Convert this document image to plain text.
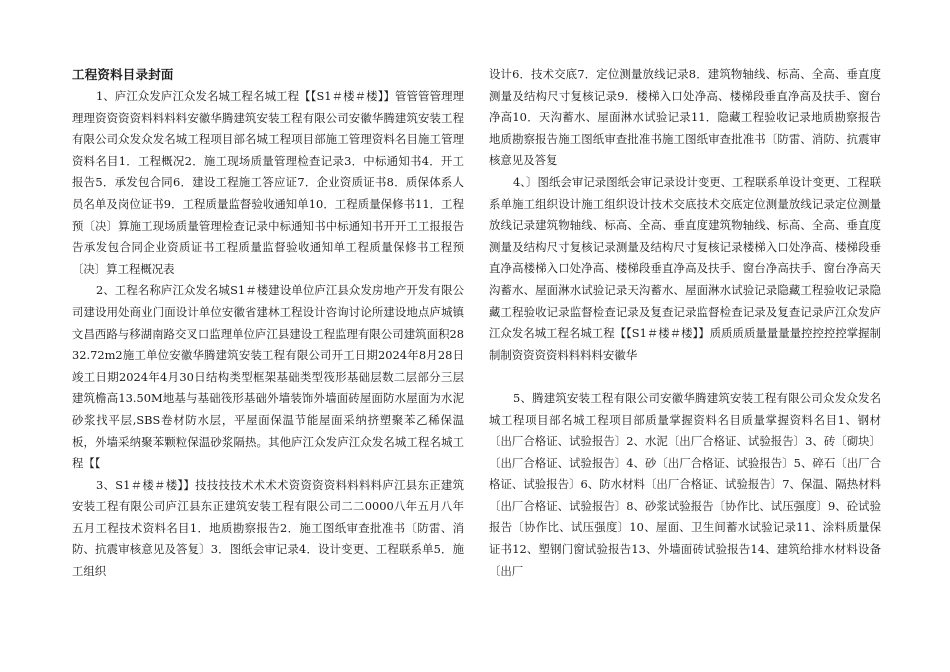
工程资料目录封面

1、庐江众发庐江众发名城工程名城工程【【S1＃楼＃楼】】管管管管理理理理资资资资料料料料安徽华腾建筑安装工程有限公司安徽华腾建筑安装工程有限公司众发众发名城工程项目部名城工程项目部施工管理资料名目施工管理资料名目1．工程概况2．施工现场质量管理检查记录3．中标通知书4．开工报告5．承发包合同6．建设工程施工答应证7．企业资质证书8．质保体系人员名单及岗位证书9．工程质量监督验收通知单10．工程质量保修书11．工程预〔决〕算施工现场质量管理检查记录中标通知书中标通知书开开工工报报告告承发包合同企业资质证书工程质量监督验收通知单工程质量保修书工程预〔决〕算工程概况表

2、工程名称庐江众发名城S1＃楼建设单位庐江县众发房地产开发有限公司建设用处商业门面设计单位安徽省建林工程设计咨询讨论所建设地点庐城镇文昌西路与移湖南路交叉口监理单位庐江县建设工程监理有限公司建筑面积2832.72m2施工单位安徽华腾建筑安装工程有限公司开工日期2024年8月28日竣工日期2024年4月30日结构类型框架基础类型筏形基础层数二层部分三层建筑檐高13.50M地基与基础筏形基础外墙装饰外墙面砖屋面防水屋面为水泥砂浆找平层,SBS卷材防水层，平屋面保温节能屋面采纳挤塑聚苯乙稀保温板，外墙采纳聚苯颗粒保温砂浆隔热。其他庐江众发庐江众发名城工程名城工程【【

3、S1＃楼＃楼】】技技技技术术术术资资资资料料料料庐江县东正建筑安装工程有限公司庐江县东正建筑安装工程有限公司二二0000八年五月八年五月工程技术资料名目1．地质勘察报告2．施工图纸审查批准书〔防雷、消防、抗震审核意见及答复〕3．图纸会审记录4．设计变更、工程联系单5．施工组织

设计6．技术交底7．定位测量放线记录8．建筑物轴线、标高、全高、垂直度测量及结构尺寸复核记录9．楼梯入口处净高、楼梯段垂直净高及扶手、窗台净高10．天沟蓄水、屋面淋水试验记录11．隐藏工程验收记录地质勘察报告地质勘察报告施工图纸审查批准书施工图纸审查批准书〔防雷、消防、抗震审核意见及答复

4、〕图纸会审记录图纸会审记录设计变更、工程联系单设计变更、工程联系单施工组织设计施工组织设计技术交底技术交底定位测量放线记录定位测量放线记录建筑物轴线、标高、全高、垂直度建筑物轴线、标高、全高、垂直度测量及结构尺寸复核记录测量及结构尺寸复核记录楼梯入口处净高、楼梯段垂直净高楼梯入口处净高、楼梯段垂直净高及扶手、窗台净高扶手、窗台净高天沟蓄水、屋面淋水试验记录天沟蓄水、屋面淋水试验记录隐藏工程验收记录隐藏工程验收记录监督检查记录及复查记录监督检查记录及复查记录庐江众发庐江众发名城工程名城工程【【S1＃楼＃楼】】质质质质量量量量控控控控掌握制制制资资资资料料料料安徽华

5、腾建筑安装工程有限公司安徽华腾建筑安装工程有限公司众发众发名城工程项目部名城工程项目部质量掌握资料名目质量掌握资料名目1、钢材〔出厂合格证、试验报告〕2、水泥〔出厂合格证、试验报告〕3、砖〔砌块〕〔出厂合格证、试验报告〕4、砂〔出厂合格证、试验报告〕5、碎石〔出厂合格证、试验报告〕6、防水材料〔出厂合格证、试验报告〕7、保温、隔热材料〔出厂合格证、试验报告〕8、砂浆试验报告〔协作比、试压强度〕9、砼试验报告〔协作比、试压强度〕10、屋面、卫生间蓄水试验记录11、涂料质量保证书12、塑钢门窗试验报告13、外墙面砖试验报告14、建筑给排水材料设备〔出厂
